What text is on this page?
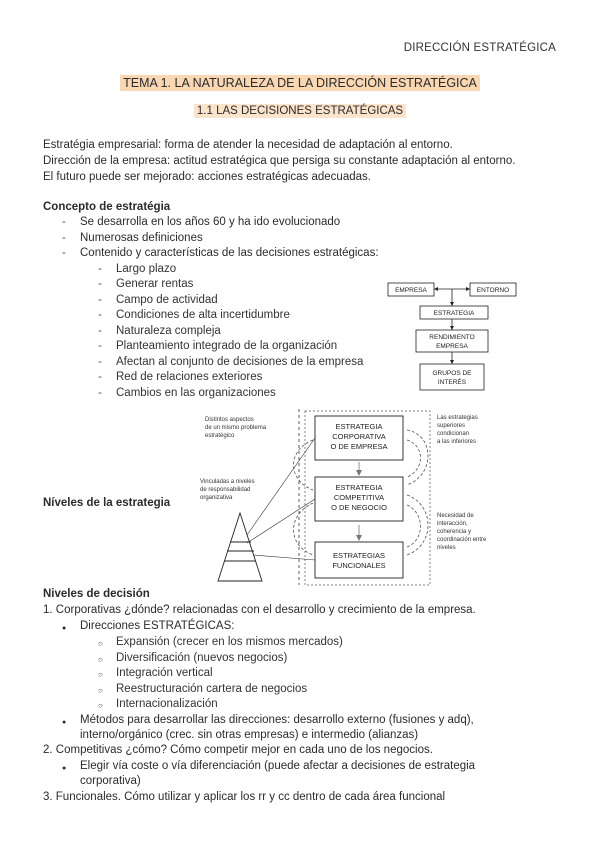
DIRECCIÓN ESTRATÉGICA
TEMA 1. LA NATURALEZA DE LA DIRECCIÓN ESTRATÉGICA
1.1 LAS DECISIONES ESTRATÉGICAS
Estratégia empresarial: forma de atender la necesidad de adaptación al entorno.
Dirección de la empresa: actitud estratégica que persiga su constante adaptación al entorno.
El futuro puede ser mejorado: acciones estratégicas adecuadas.
Concepto de estratégia
- Se desarrolla en los años 60 y ha ido evolucionado
- Numerosas definiciones
- Contenido y características de las decisiones estratégicas:
- Largo plazo
- Generar rentas
- Campo de actividad
- Condiciones de alta incertidumbre
- Naturaleza compleja
- Planteamiento integrado de la organización
- Afectan al conjunto de decisiones de la empresa
- Red de relaciones exteriores
- Cambios en las organizaciones
EMPRESA	ENTORNO
ESTRATEGIA
RENDIMIENTO
EMPRESA
GRUPOS DE
INTERÉS
Níveles de la estrategia
ESTRATEGIA
CORPORATIVA
O DE EMPRESA
ESTRATEGIA
COMPETITIVA
O DE NEGOCIO
ESTRATEGIAS
FUNCIONALES
Distintos aspectos
de un mismo problema
estratégico
Vinculadas a niveles
de responsabilidad
organizativa
Las estrategias
superiores
condicionan
a las inferiores
Necesidad de
interacción,
coherencia y
coordinación entre
niveles
Niveles de decisión
1. Corporativas ¿dónde? relacionadas con el desarrollo y crecimiento de la empresa.
● Direcciones ESTRATÉGICAS:
○ Expansión (crecer en los mismos mercados)
○ Diversificación (nuevos negocios)
○ Integración vertical
○ Reestructuración cartera de negocios
○ Internacionalización
● Métodos para desarrollar las direcciones: desarrollo externo (fusiones y adq),
interno/orgánico (crec. sin otras empresas) e intermedio (alianzas)
2. Competitivas ¿cómo? Cómo competir mejor en cada uno de los negocios.
● Elegir vía coste o vía diferenciación (puede afectar a decisiones de estrategia
corporativa)
3. Funcionales. Cómo utilizar y aplicar los rr y cc dentro de cada área funcional
